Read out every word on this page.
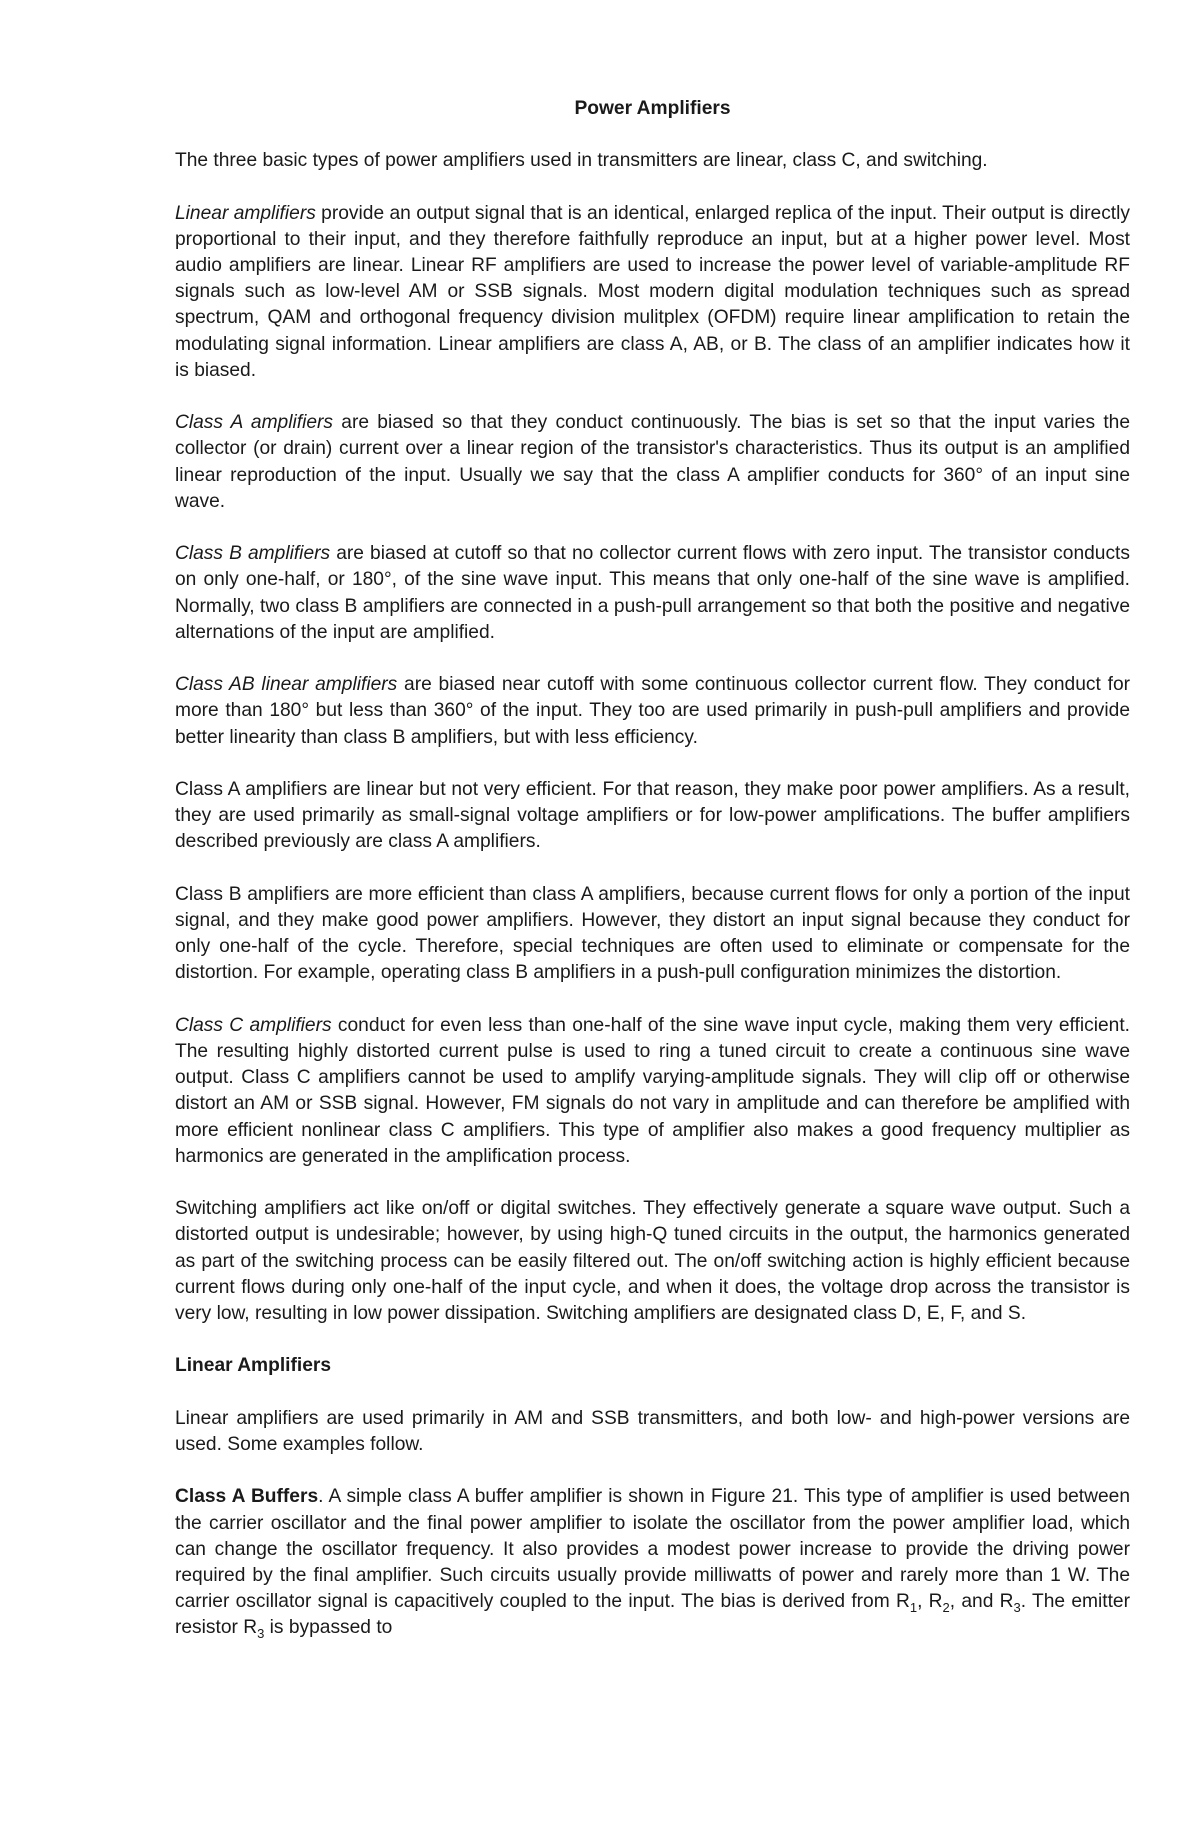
Power Amplifiers

The three basic types of power amplifiers used in transmitters are linear, class C, and switching.

Linear amplifiers provide an output signal that is an identical, enlarged replica of the input. Their output is directly proportional to their input, and they therefore faithfully reproduce an input, but at a higher power level. Most audio amplifiers are linear. Linear RF amplifiers are used to increase the power level of variable-amplitude RF signals such as low-level AM or SSB signals. Most modern digital modulation techniques such as spread spectrum, QAM and orthogonal frequency division mulitplex (OFDM) require linear amplification to retain the modulating signal information. Linear amplifiers are class A, AB, or B. The class of an amplifier indicates how it is biased.

Class A amplifiers are biased so that they conduct continuously. The bias is set so that the input varies the collector (or drain) current over a linear region of the transistor's characteristics. Thus its output is an amplified linear reproduction of the input. Usually we say that the class A amplifier conducts for 360° of an input sine wave.

Class B amplifiers are biased at cutoff so that no collector current flows with zero input. The transistor conducts on only one-half, or 180°, of the sine wave input. This means that only one-half of the sine wave is amplified. Normally, two class B amplifiers are connected in a push-pull arrangement so that both the positive and negative alternations of the input are amplified.

Class AB linear amplifiers are biased near cutoff with some continuous collector current flow. They conduct for more than 180° but less than 360° of the input. They too are used primarily in push-pull amplifiers and provide better linearity than class B amplifiers, but with less efficiency.

Class A amplifiers are linear but not very efficient. For that reason, they make poor power amplifiers. As a result, they are used primarily as small-signal voltage amplifiers or for low-power amplifications. The buffer amplifiers described previously are class A amplifiers.

Class B amplifiers are more efficient than class A amplifiers, because current flows for only a portion of the input signal, and they make good power amplifiers. However, they distort an input signal because they conduct for only one-half of the cycle. Therefore, special techniques are often used to eliminate or compensate for the distortion. For example, operating class B amplifiers in a push-pull configuration minimizes the distortion.

Class C amplifiers conduct for even less than one-half of the sine wave input cycle, making them very efficient. The resulting highly distorted current pulse is used to ring a tuned circuit to create a continuous sine wave output. Class C amplifiers cannot be used to amplify varying-amplitude signals. They will clip off or otherwise distort an AM or SSB signal. However, FM signals do not vary in amplitude and can therefore be amplified with more efficient nonlinear class C amplifiers. This type of amplifier also makes a good frequency multiplier as harmonics are generated in the amplification process.

Switching amplifiers act like on/off or digital switches. They effectively generate a square wave output. Such a distorted output is undesirable; however, by using high-Q tuned circuits in the output, the harmonics generated as part of the switching process can be easily filtered out. The on/off switching action is highly efficient because current flows during only one-half of the input cycle, and when it does, the voltage drop across the transistor is very low, resulting in low power dissipation. Switching amplifiers are designated class D, E, F, and S.

Linear Amplifiers

Linear amplifiers are used primarily in AM and SSB transmitters, and both low- and high-power versions are used. Some examples follow.

Class A Buffers. A simple class A buffer amplifier is shown in Figure 21. This type of amplifier is used between the carrier oscillator and the final power amplifier to isolate the oscillator from the power amplifier load, which can change the oscillator frequency. It also provides a modest power increase to provide the driving power required by the final amplifier. Such circuits usually provide milliwatts of power and rarely more than 1 W. The carrier oscillator signal is capacitively coupled to the input. The bias is derived from $R_1$, $R_2$, and $R_3$. The emitter resistor $R_3$ is bypassed to
